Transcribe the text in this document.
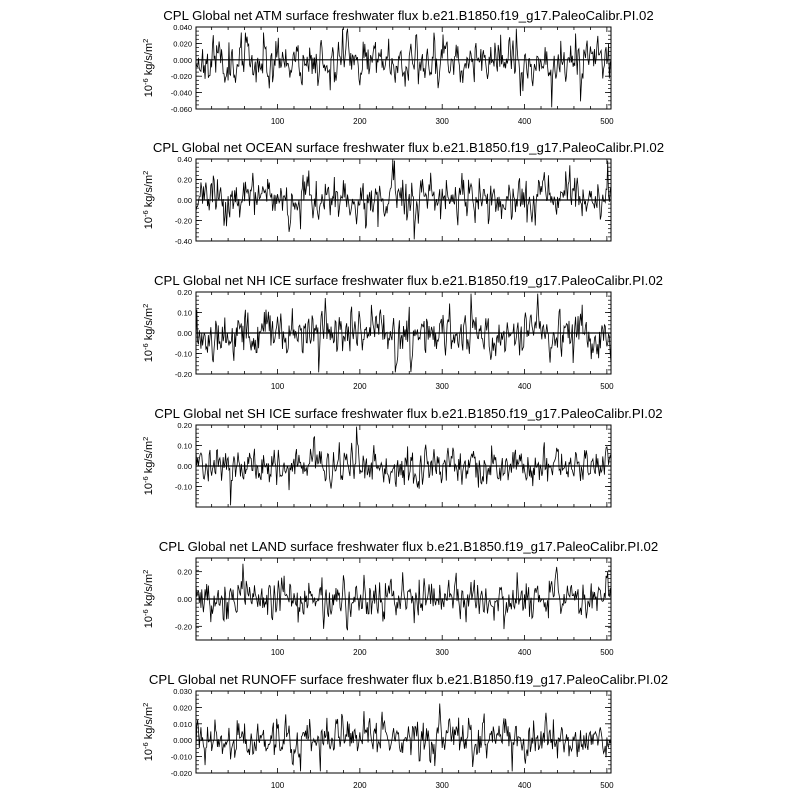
CPL Global net ATM surface freshwater flux b.e21.B1850.f19_g17.PaleoCalibr.PI.02
100	200	300	400	500
-0.060
-0.040
-0.020
0.000
0.020
0.040
$10^{-6}$ $kg/s/m^2$
CPL Global net OCEAN surface freshwater flux b.e21.B1850.f19_g17.PaleoCalibr.PI.02
-0.40
-0.20
0.00
0.20
0.40
$10^{-6}$ $kg/s/m^2$
CPL Global net NH ICE surface freshwater flux b.e21.B1850.f19_g17.PaleoCalibr.PI.02
100	200	300	400	500
-0.20
-0.10
0.00
0.10
0.20
$10^{-6}$ $kg/s/m^2$
CPL Global net SH ICE surface freshwater flux b.e21.B1850.f19_g17.PaleoCalibr.PI.02
-0.10
0.00
0.10
0.20
$10^{-6}$ $kg/s/m^2$
CPL Global net LAND surface freshwater flux b.e21.B1850.f19_g17.PaleoCalibr.PI.02
100	200	300	400	500
-0.20
0.00
0.20
$10^{-6}$ $kg/s/m^2$
CPL Global net RUNOFF surface freshwater flux b.e21.B1850.f19_g17.PaleoCalibr.PI.02
100	200	300	400	500
-0.020
-0.010
0.000
0.010
0.020
0.030
$10^{-6}$ $kg/s/m^2$
